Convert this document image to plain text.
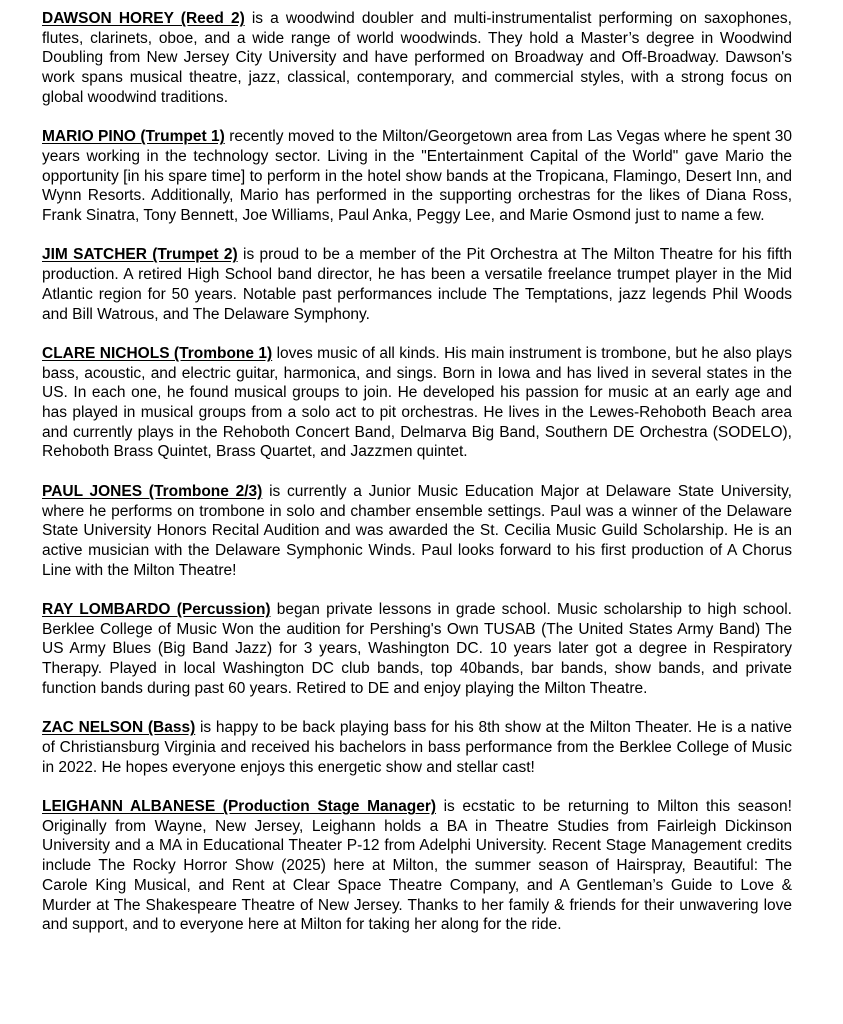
DAWSON HOREY (Reed 2) is a woodwind doubler and multi-instrumentalist performing on saxophones, flutes, clarinets, oboe, and a wide range of world woodwinds. They hold a Master’s degree in Woodwind Doubling from New Jersey City University and have performed on Broadway and Off-Broadway. Dawson's work spans musical theatre, jazz, classical, contemporary, and commercial styles, with a strong focus on global woodwind traditions.

MARIO PINO (Trumpet 1) recently moved to the Milton/Georgetown area from Las Vegas where he spent 30 years working in the technology sector. Living in the "Entertainment Capital of the World" gave Mario the opportunity [in his spare time] to perform in the hotel show bands at the Tropicana, Flamingo, Desert Inn, and Wynn Resorts. Additionally, Mario has performed in the supporting orchestras for the likes of Diana Ross, Frank Sinatra, Tony Bennett, Joe Williams, Paul Anka, Peggy Lee, and Marie Osmond just to name a few.

JIM SATCHER (Trumpet 2) is proud to be a member of the Pit Orchestra at The Milton Theatre for his fifth production. A retired High School band director, he has been a versatile freelance trumpet player in the Mid Atlantic region for 50 years. Notable past performances include The Temptations, jazz legends Phil Woods and Bill Watrous, and The Delaware Symphony.

CLARE NICHOLS (Trombone 1) loves music of all kinds. His main instrument is trombone, but he also plays bass, acoustic, and electric guitar, harmonica, and sings. Born in Iowa and has lived in several states in the US. In each one, he found musical groups to join. He developed his passion for music at an early age and has played in musical groups from a solo act to pit orchestras. He lives in the Lewes-Rehoboth Beach area and currently plays in the Rehoboth Concert Band, Delmarva Big Band, Southern DE Orchestra (SODELO), Rehoboth Brass Quintet, Brass Quartet, and Jazzmen quintet.

PAUL JONES (Trombone 2/3) is currently a Junior Music Education Major at Delaware State University, where he performs on trombone in solo and chamber ensemble settings. Paul was a winner of the Delaware State University Honors Recital Audition and was awarded the St. Cecilia Music Guild Scholarship. He is an active musician with the Delaware Symphonic Winds. Paul looks forward to his first production of A Chorus Line with the Milton Theatre!

RAY LOMBARDO (Percussion) began private lessons in grade school. Music scholarship to high school. Berklee College of Music Won the audition for Pershing's Own TUSAB (The United States Army Band) The US Army Blues (Big Band Jazz) for 3 years, Washington DC. 10 years later got a degree in Respiratory Therapy. Played in local Washington DC club bands, top 40bands, bar bands, show bands, and private function bands during past 60 years. Retired to DE and enjoy playing the Milton Theatre.

ZAC NELSON (Bass) is happy to be back playing bass for his 8th show at the Milton Theater. He is a native of Christiansburg Virginia and received his bachelors in bass performance from the Berklee College of Music in 2022. He hopes everyone enjoys this energetic show and stellar cast!

LEIGHANN ALBANESE (Production Stage Manager) is ecstatic to be returning to Milton this season! Originally from Wayne, New Jersey, Leighann holds a BA in Theatre Studies from Fairleigh Dickinson University and a MA in Educational Theater P-12 from Adelphi University. Recent Stage Management credits include The Rocky Horror Show (2025) here at Milton, the summer season of Hairspray, Beautiful: The Carole King Musical, and Rent at Clear Space Theatre Company, and A Gentleman’s Guide to Love & Murder at The Shakespeare Theatre of New Jersey. Thanks to her family & friends for their unwavering love and support, and to everyone here at Milton for taking her along for the ride.
